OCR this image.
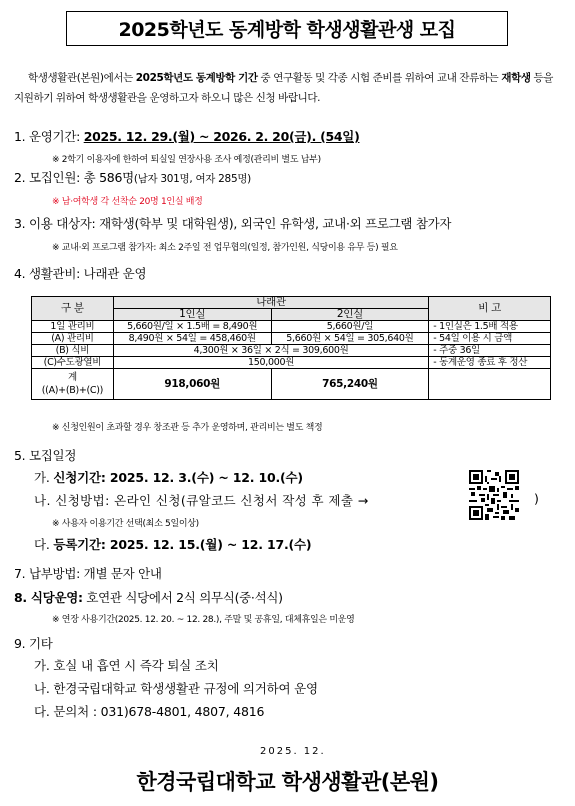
2025학년도 동계방학 학생생활관생 모집
학생생활관(본원)에서는 2025학년도 동계방학 기간 중 연구활동 및 각종 시험 준비를 위하여 교내 잔류하는 재학생 등을 지원하기 위하여 학생생활관을 운영하고자 하오니 많은 신청 바랍니다.
1. 운영기간: 2025. 12. 29.(월) ~ 2026. 2. 20(금). (54일)
※ 2학기 이용자에 한하여 퇴실일 연장사용 조사 예정(관리비 별도 납부)
2. 모집인원: 총 586명(남자 301명, 여자 285명)
※ 남·여학생 각 선착순 20명 1인실 배정
3. 이용 대상자: 재학생(학부 및 대학원생), 외국인 유학생, 교내·외 프로그램 참가자
※ 교내·외 프로그램 참가자: 최소 2주일 전 업무협의(일정, 참가인원, 식당이용 유무 등) 필요
4. 생활관비: 나래관 운영
구 분	나래관		비 고
	1인실	2인실	
1일 관리비	5,660원/일 × 1.5배 = 8,490원	5,660원/일	- 1인실은 1.5배 적용
(A) 관리비	8,490원 × 54일 = 458,460원	5,660원 × 54일 = 305,640원	- 54일 이용 시 금액
(B) 식비	4,300원 × 36일 × 2식 = 309,600원		- 주중 36일
(C)수도광열비	150,000원		- 동계운영 종료 후 정산
계
((A)+(B)+(C))	918,060원	765,240원	
※ 신청인원이 초과할 경우 창조관 등 추가 운영하며, 관리비는 별도 책정
5. 모집일정
가. 신청기간: 2025. 12. 3.(수) ~ 12. 10.(수)
나. 신청방법: 온라인 신청(큐알코드 신청서 작성 후 제출 →	)
※ 사용자 이용기간 선택(최소 5일이상)
다. 등록기간: 2025. 12. 15.(월) ~ 12. 17.(수)
7. 납부방법: 개별 문자 안내
8. 식당운영: 호연관 식당에서 2식 의무식(중·석식)
※ 연장 사용기간(2025. 12. 20. ~ 12. 28.), 주말 및 공휴일, 대체휴일은 미운영
9. 기타
가. 호실 내 흡연 시 즉각 퇴실 조치
나. 한경국립대학교 학생생활관 규정에 의거하여 운영
다. 문의처 : 031)678-4801, 4807, 4816
2025. 12.
한경국립대학교 학생생활관(본원)
